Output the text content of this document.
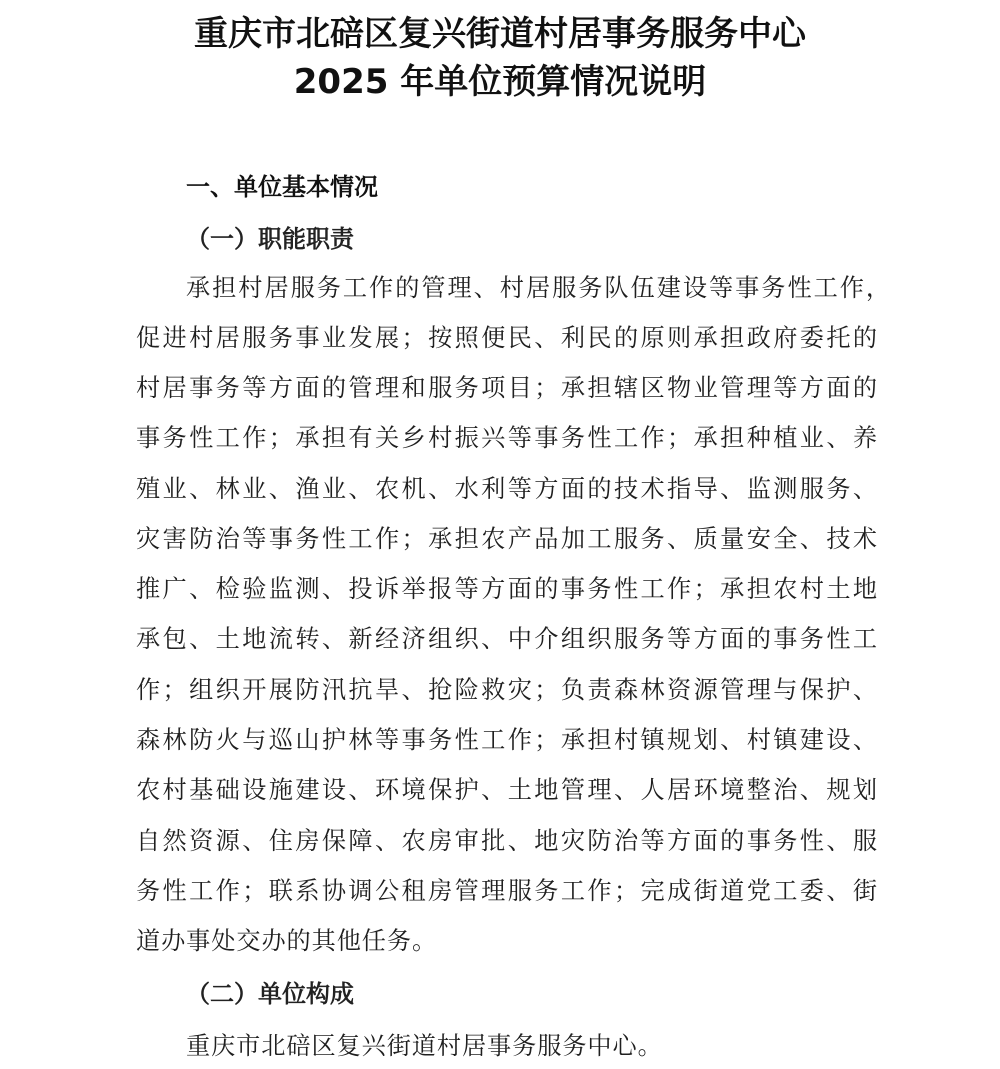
重庆市北碚区复兴街道村居事务服务中心
2025 年单位预算情况说明
一、单位基本情况
（一）职能职责

承担村居服务工作的管理、村居服务队伍建设等事务性工作，

促进村居服务事业发展；按照便民、利民的原则承担政府委托的

村居事务等方面的管理和服务项目；承担辖区物业管理等方面的

事务性工作；承担有关乡村振兴等事务性工作；承担种植业、养

殖业、林业、渔业、农机、水利等方面的技术指导、监测服务、

灾害防治等事务性工作；承担农产品加工服务、质量安全、技术

推广、检验监测、投诉举报等方面的事务性工作；承担农村土地

承包、土地流转、新经济组织、中介组织服务等方面的事务性工

作；组织开展防汛抗旱、抢险救灾；负责森林资源管理与保护、

森林防火与巡山护林等事务性工作；承担村镇规划、村镇建设、

农村基础设施建设、环境保护、土地管理、人居环境整治、规划

自然资源、住房保障、农房审批、地灾防治等方面的事务性、服

务性工作；联系协调公租房管理服务工作；完成街道党工委、街

道办事处交办的其他任务。

（二）单位构成

重庆市北碚区复兴街道村居事务服务中心。
